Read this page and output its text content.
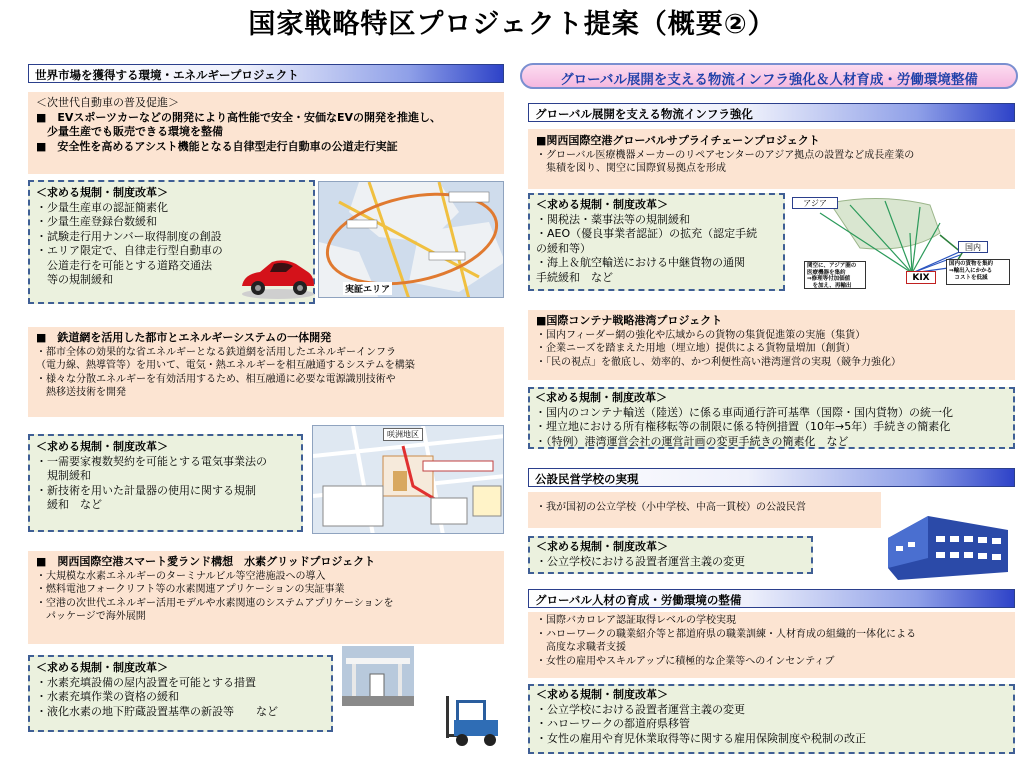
国家戦略特区プロジェクト提案（概要②）
世界市場を獲得する環境・エネルギープロジェクト
＜次世代自動車の普及促進＞
■　EVスポーツカーなどの開発により高性能で安全・安価なEVの開発を推進し、
　少量生産でも販売できる環境を整備
■　安全性を高めるアシスト機能となる自律型走行自動車の公道走行実証
＜求める規制・制度改革＞
・少量生産車の認証簡素化
・少量生産登録台数緩和
・試験走行用ナンバー取得制度の創設
・エリア限定で、自律走行型自動車の
　公道走行を可能とする道路交通法
　等の規制緩和
実証エリア
■　鉄道網を活用した都市とエネルギーシステムの一体開発
・都市全体の効果的な省エネルギーとなる鉄道網を活用したエネルギーインフラ
（電力線、熱導管等）を用いて、電気・熱エネルギーを相互融通するシステムを構築
・様々な分散エネルギーを有効活用するため、相互融通に必要な電源識別技術や
　熱移送技術を開発
＜求める規制・制度改革＞
・一需要家複数契約を可能とする電気事業法の
　規制緩和
・新技術を用いた計量器の使用に関する規制
　緩和　など
咲洲地区
■　関西国際空港スマート愛ランド構想　水素グリッドプロジェクト
・大規模な水素エネルギーのターミナルビル等空港施設への導入
・燃料電池フォークリフト等の水素関連アプリケーションの実証事業
・空港の次世代エネルギー活用モデルや水素関連のシステムアプリケーションを
　パッケージで海外展開
＜求める規制・制度改革＞
・水素充填設備の屋内設置を可能とする措置
・水素充填作業の資格の緩和
・液化水素の地下貯蔵設置基準の新設等　　など
グローバル展開を支える物流インフラ強化＆人材育成・労働環境整備
グローバル展開を支える物流インフラ強化
■関西国際空港グローバルサプライチェーンプロジェクト
・グローバル医療機器メーカーのリペアセンターのアジア拠点の設置など成長産業の
　集積を図り、関空に国際貿易拠点を形成
＜求める規制・制度改革＞
・関税法・薬事法等の規制緩和
・AEO（優良事業者認証）の拡充（認定手続
の緩和等）
・海上＆航空輸送における中継貨物の通関
手続緩和　など
アジア
国内
KIX
関空に、アジア圏の
医療機器を集約
⇒修理等付加価値
　を加え、再輸出
国内の貨物を集約
⇒輸出入にかかる
　コストを低減
■国際コンテナ戦略港湾プロジェクト
・国内フィーダー網の強化や広域からの貨物の集貨促進策の実施（集貨）
・企業ニーズを踏まえた用地（埋立地）提供による貨物量増加（創貨）
・「民の視点」を徹底し、効率的、かつ利便性高い港湾運営の実現（競争力強化）
＜求める規制・制度改革＞
・国内のコンテナ輸送（陸送）に係る車両通行許可基準（国際・国内貨物）の統一化
・埋立地における所有権移転等の制限に係る特例措置（10年→5年）手続きの簡素化
・（特例）港湾運営会社の運営計画の変更手続きの簡素化　など
公設民営学校の実現
・我が国初の公立学校（小中学校、中高一貫校）の公設民営
＜求める規制・制度改革＞
・公立学校における設置者運営主義の変更
グローバル人材の育成・労働環境の整備
・国際バカロレア認証取得レベルの学校実現
・ハローワークの職業紹介等と都道府県の職業訓練・人材育成の組織的一体化による
　高度な求職者支援
・女性の雇用やスキルアップに積極的な企業等へのインセンティブ
＜求める規制・制度改革＞
・公立学校における設置者運営主義の変更
・ハローワークの都道府県移管
・女性の雇用や育児休業取得等に関する雇用保険制度や税制の改正
